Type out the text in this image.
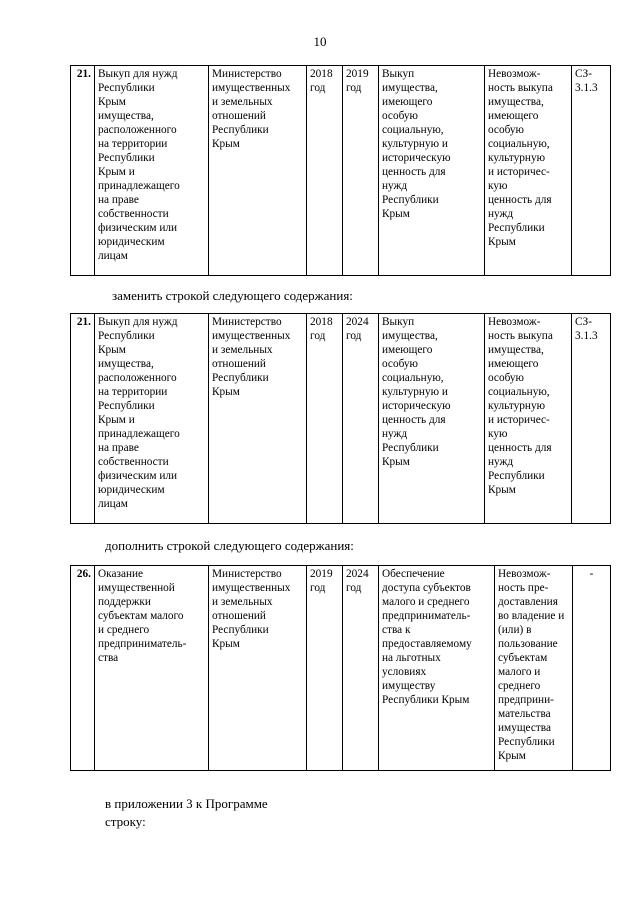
10
21.	Выкуп для нужд
Республики
Крым
имущества,
расположенного
на территории
Республики
Крым и
принадлежащего
на праве
собственности
физическим или
юридическим
лицам	Министерство
имущественных
и земельных
отношений
Республики
Крым	2018
год	2019
год	Выкуп
имущества,
имеющего
особую
социальную,
культурную и
историческую
ценность для
нужд
Республики
Крым	Невозмож-
ность выкупа
имущества,
имеющего
особую
социальную,
культурную
и историчес-
кую
ценность для
нужд
Республики
Крым	СЗ-
3.1.3
заменить строкой следующего содержания:
21.	Выкуп для нужд
Республики
Крым
имущества,
расположенного
на территории
Республики
Крым и
принадлежащего
на праве
собственности
физическим или
юридическим
лицам	Министерство
имущественных
и земельных
отношений
Республики
Крым	2018
год	2024
год	Выкуп
имущества,
имеющего
особую
социальную,
культурную и
историческую
ценность для
нужд
Республики
Крым	Невозмож-
ность выкупа
имущества,
имеющего
особую
социальную,
культурную
и историчес-
кую
ценность для
нужд
Республики
Крым	СЗ-
3.1.3
дополнить строкой следующего содержания:
26.	Оказание
имущественной
поддержки
субъектам малого
и среднего
предприниматель-
ства	Министерство
имущественных
и земельных
отношений
Республики
Крым	2019
год	2024
год	Обеспечение
доступа субъектов
малого и среднего
предприниматель-
ства к
предоставляемому
на льготных
условиях
имуществу
Республики Крым	Невозмож-
ность пре-
доставления
во владение и
(или) в
пользование
субъектам
малого и
среднего
предприни-
мательства
имущества
Республики
Крым	-
в приложении 3 к Программе
строку:
